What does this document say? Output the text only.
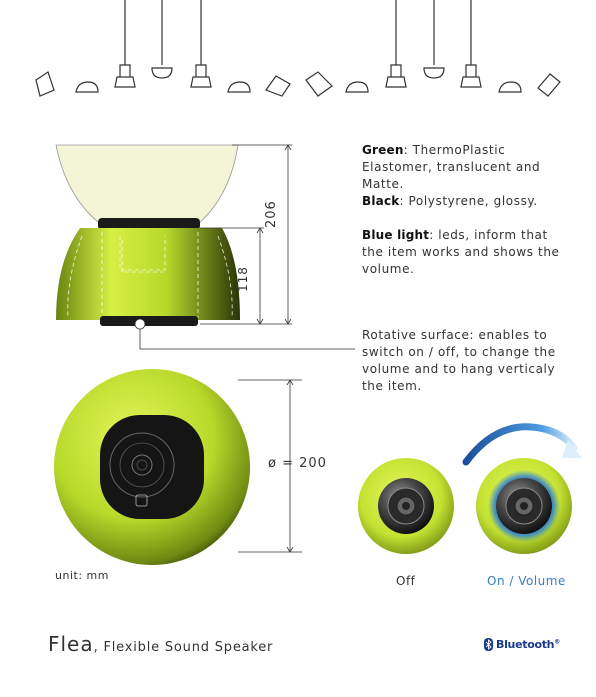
Green: ThermoPlastic Elastomer, translucent and Matte.
Black: Polystyrene, glossy.
Blue light: leds, inform that the item works and shows the volume.
Rotative surface: enables to switch on / off, to change the volume and to hang verticaly the item.
206
118
ø = 200
unit: mm	Off	On / Volume
Flea, Flexible Sound Speaker	Bluetooth®
